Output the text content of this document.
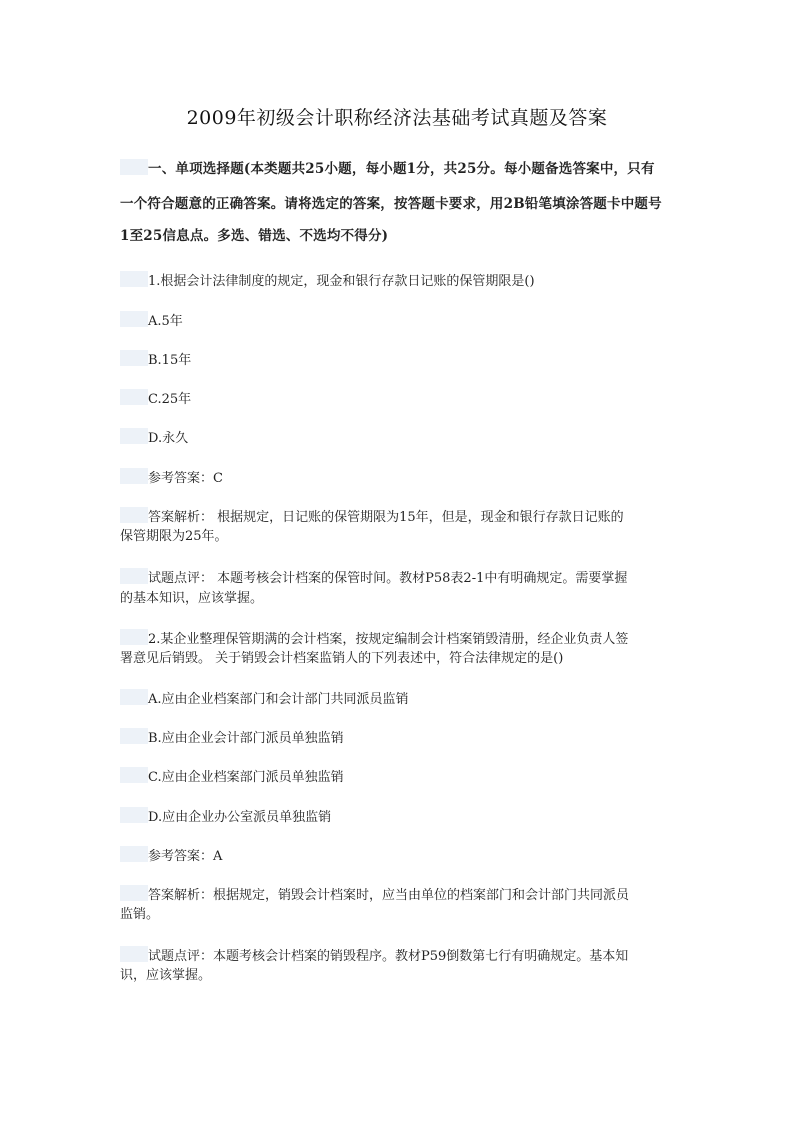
2009年初级会计职称经济法基础考试真题及答案
一、单项选择题(本类题共25小题，每小题1分，共25分。每小题备选答案中，只有
一个符合题意的正确答案。请将选定的答案，按答题卡要求，用2B铅笔填涂答题卡中题号
1至25信息点。多选、错选、不选均不得分)
1.根据会计法律制度的规定，现金和银行存款日记账的保管期限是()
A.5年
B.15年
C.25年
D.永久
参考答案：C
答案解析： 根据规定，日记账的保管期限为15年，但是，现金和银行存款日记账的
保管期限为25年。
试题点评： 本题考核会计档案的保管时间。教材P58表2-1中有明确规定。需要掌握
的基本知识，应该掌握。
2.某企业整理保管期满的会计档案，按规定编制会计档案销毁清册，经企业负责人签
署意见后销毁。 关于销毁会计档案监销人的下列表述中，符合法律规定的是()
A.应由企业档案部门和会计部门共同派员监销
B.应由企业会计部门派员单独监销
C.应由企业档案部门派员单独监销
D.应由企业办公室派员单独监销
参考答案：A
答案解析：根据规定，销毁会计档案时，应当由单位的档案部门和会计部门共同派员
监销。
试题点评：本题考核会计档案的销毁程序。教材P59倒数第七行有明确规定。基本知
识，应该掌握。
